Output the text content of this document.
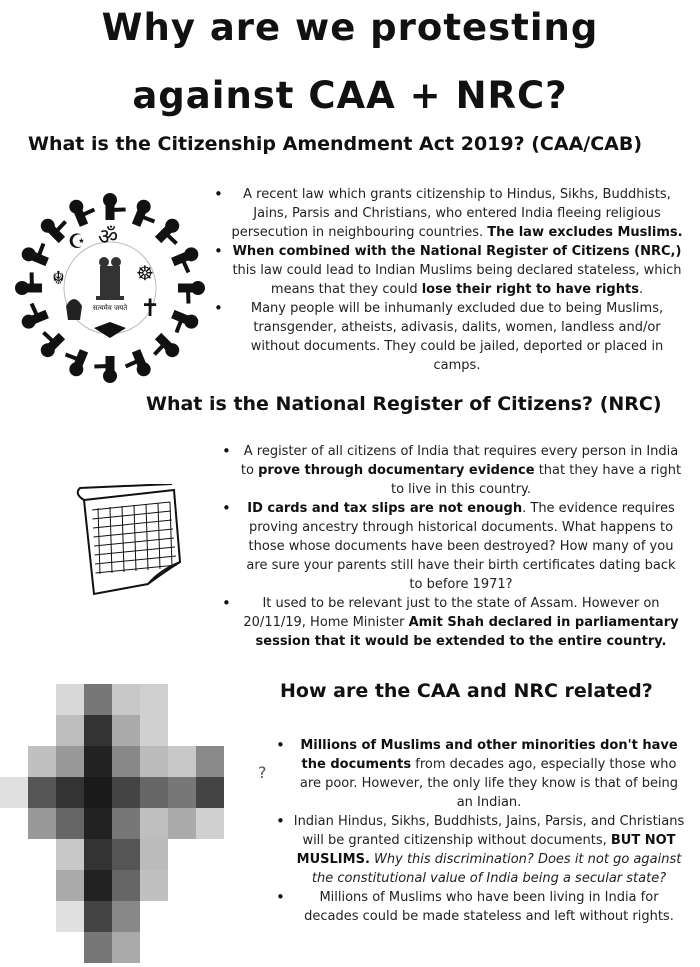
Why are we protesting
against CAA + NRC?
What is the Citizenship Amendment Act 2019? (CAA/CAB)
☪ ॐ
☬	☸
✝
सत्यमेव जयते
• A recent law which grants citizenship to Hindus, Sikhs, Buddhists, Jains, Parsis and Christians, who entered India fleeing religious persecution in neighbouring countries. The law excludes Muslims.
• When combined with the National Register of Citizens (NRC,) this law could lead to Indian Muslims being declared stateless, which means that they could lose their right to have rights.
• Many people will be inhumanly excluded due to being Muslims, transgender, atheists, adivasis, dalits, women, landless and/or without documents. They could be jailed, deported or placed in camps.
What is the National Register of Citizens? (NRC)
• A register of all citizens of India that requires every person in India to prove through documentary evidence that they have a right to live in this country.
• ID cards and tax slips are not enough. The evidence requires proving ancestry through historical documents. What happens to those whose documents have been destroyed? How many of you are sure your parents still have their birth certificates dating back to before 1971?
• It used to be relevant just to the state of Assam. However on 20/11/19, Home Minister Amit Shah declared in parliamentary session that it would be extended to the entire country.
How are the CAA and NRC related?
?
• Millions of Muslims and other minorities don't have the documents from decades ago, especially those who are poor. However, the only life they know is that of being an Indian.
• Indian Hindus, Sikhs, Buddhists, Jains, Parsis, and Christians will be granted citizenship without documents, BUT NOT MUSLIMS. Why this discrimination? Does it not go against the constitutional value of India being a secular state?
• Millions of Muslims who have been living in India for decades could be made stateless and left without rights.
